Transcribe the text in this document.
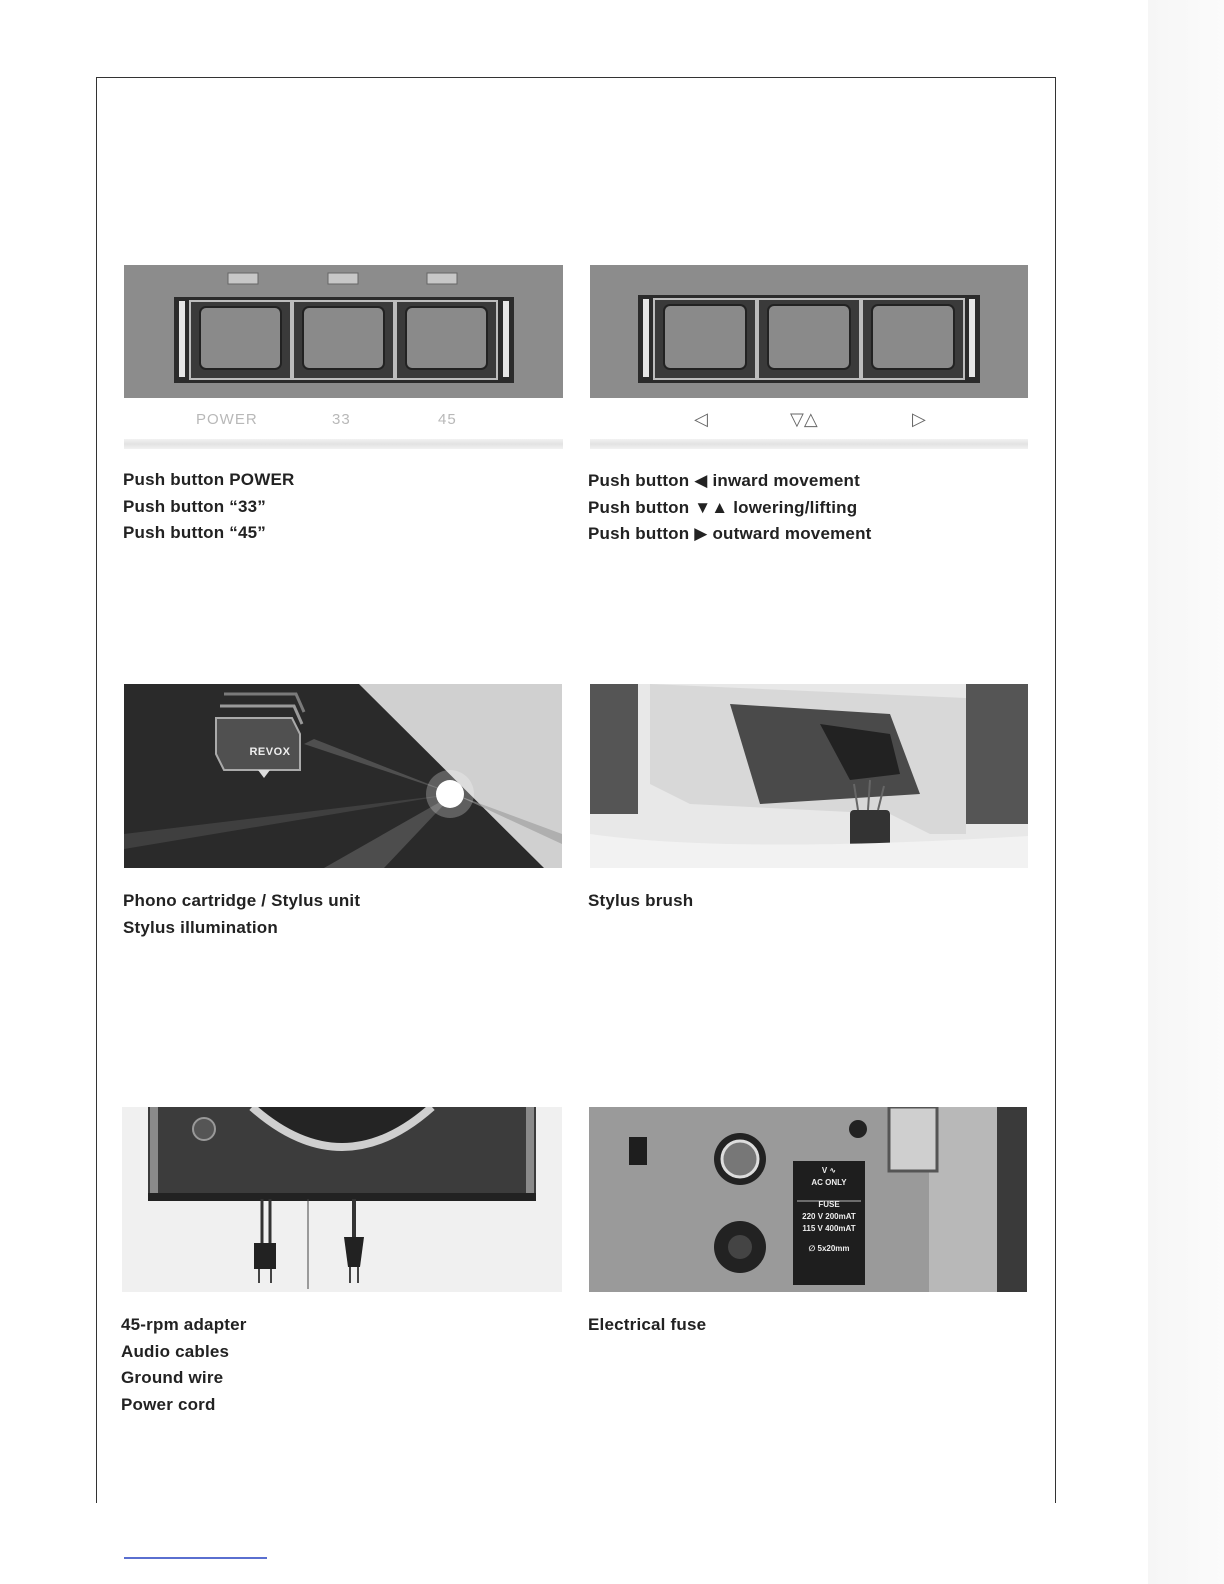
POWER	33	45
Push button POWER
Push button “33”
Push button “45”
◁	▽△	▷
Push button ◀ inward movement
Push button ▼▲ lowering/lifting
Push button ▶ outward movement
REVOX
Phono cartridge / Stylus unit
Stylus illumination
Stylus brush
45-rpm adapter
Audio cables
Ground wire
Power cord
V ∿
AC ONLY
FUSE
220 V 200mAT
115 V 400mAT
∅ 5x20mm
Electrical fuse
